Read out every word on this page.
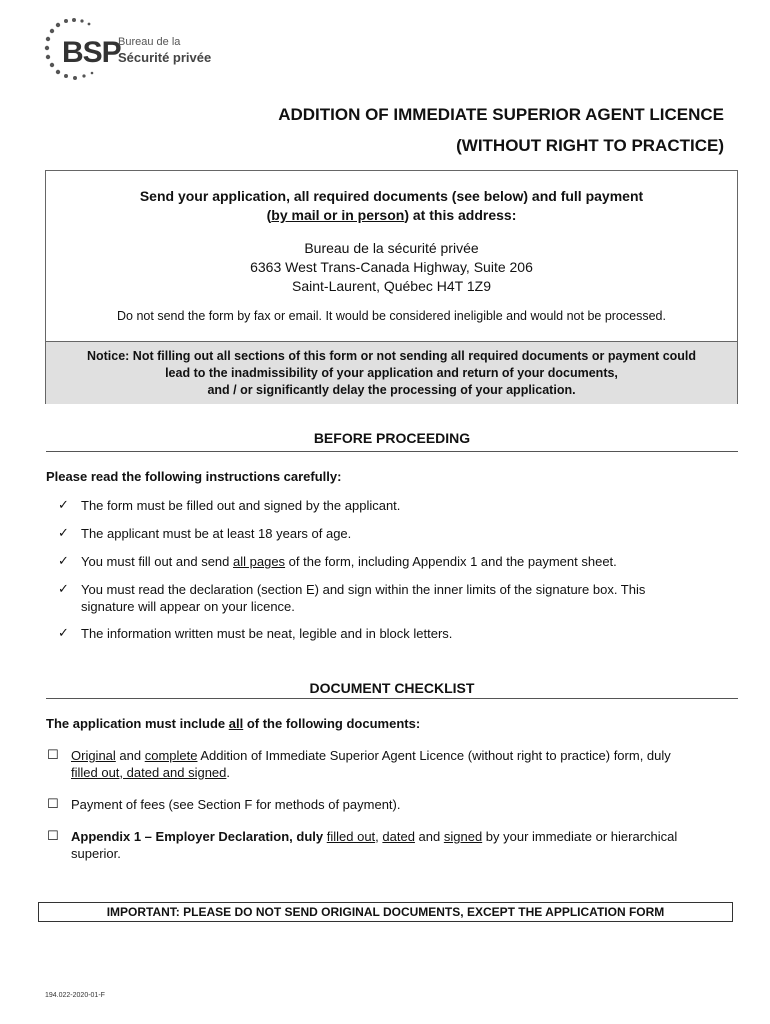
BSP
Bureau de la
Sécurité privée
ADDITION OF IMMEDIATE SUPERIOR AGENT LICENCE
(WITHOUT RIGHT TO PRACTICE)
Send your application, all required documents (see below) and full payment
(by mail or in person) at this address:
Bureau de la sécurité privée
6363 West Trans-Canada Highway, Suite 206
Saint-Laurent, Québec H4T 1Z9
Do not send the form by fax or email. It would be considered ineligible and would not be processed.
Notice: Not filling out all sections of this form or not sending all required documents or payment could
lead to the inadmissibility of your application and return of your documents,
and / or significantly delay the processing of your application.
BEFORE PROCEEDING
Please read the following instructions carefully:
✓ The form must be filled out and signed by the applicant.
✓ The applicant must be at least 18 years of age.
✓ You must fill out and send all pages of the form, including Appendix 1 and the payment sheet.
✓ You must read the declaration (section E) and sign within the inner limits of the signature box. This
signature will appear on your licence.
✓ The information written must be neat, legible and in block letters.
DOCUMENT CHECKLIST
The application must include all of the following documents:
☐ Original and complete Addition of Immediate Superior Agent Licence (without right to practice) form, duly
filled out, dated and signed.
☐ Payment of fees (see Section F for methods of payment).
☐ Appendix 1 – Employer Declaration, duly filled out, dated and signed by your immediate or hierarchical
superior.
IMPORTANT: PLEASE DO NOT SEND ORIGINAL DOCUMENTS, EXCEPT THE APPLICATION FORM
194.022-2020-01-F
